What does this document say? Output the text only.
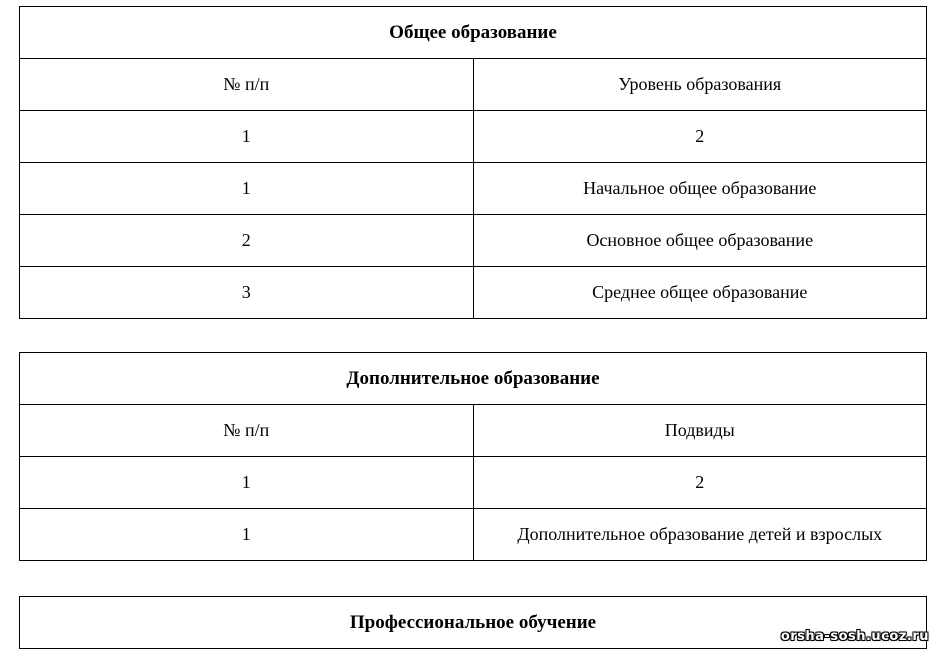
Общее образование	
№ п/п	Уровень образования
1	2
1	Начальное общее образование
2	Основное общее образование
3	Среднее общее образование
Дополнительное образование	
№ п/п	Подвиды
1	2
1	Дополнительное образование детей и взрослых
Профессиональное обучение
orsha-sosh.ucoz.ru
